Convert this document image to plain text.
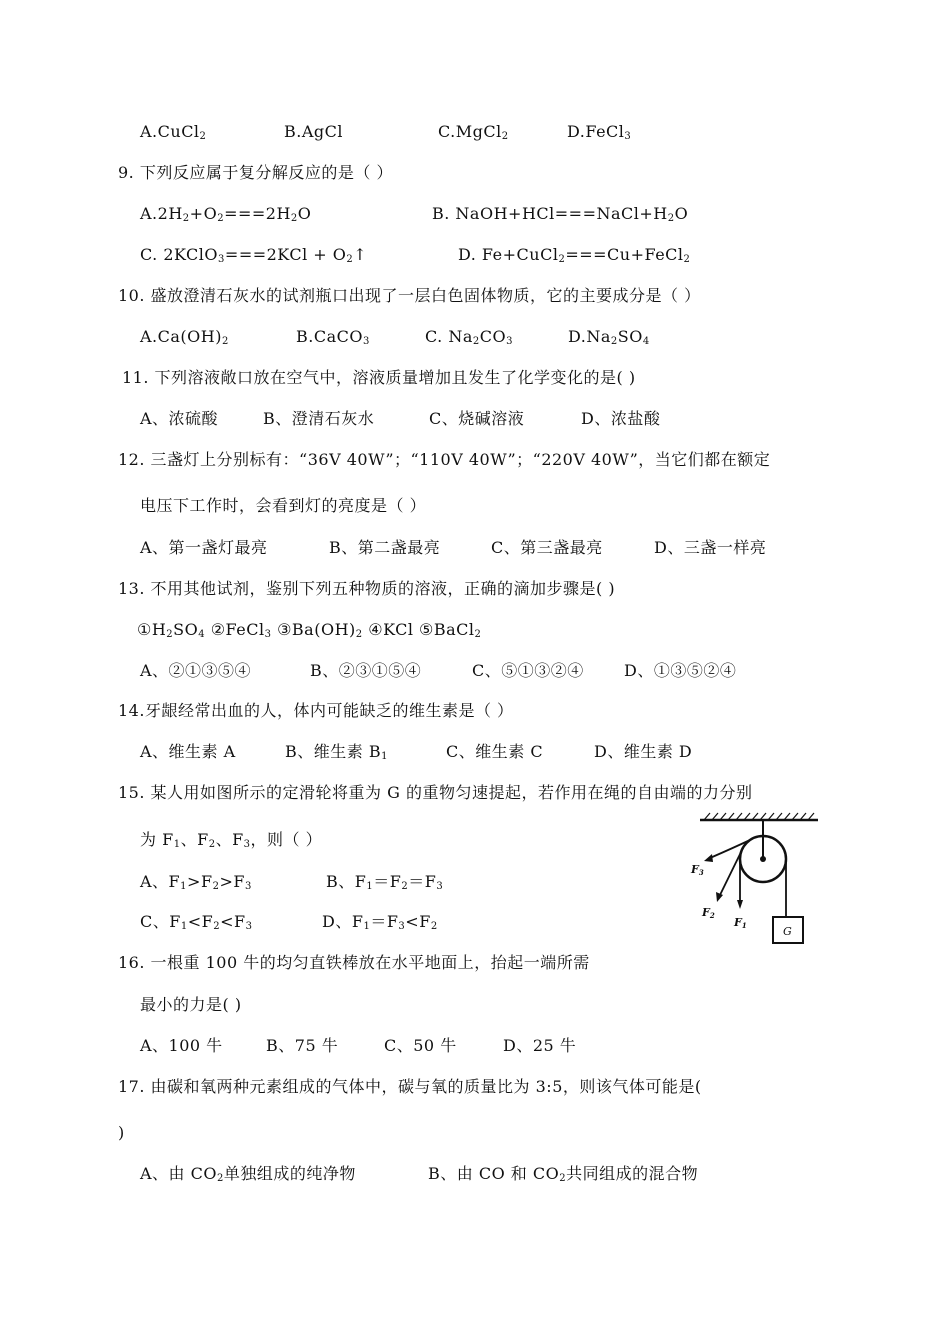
A.CuCl$_2$	B.AgCl	C.MgCl$_2$	D.FeCl$_3$
9. 下列反应属于复分解反应的是（ ）
$A.2H_2+O_2===2H_2O$	B. $NaOH+HCl===NaCl+H_2O$
C. 2KClO$_3$===2KCl + $O_2↑$	D. Fe+CuCl$_2$===Cu+FeCl$_2$
10. 盛放澄清石灰水的试剂瓶口出现了一层白色固体物质，它的主要成分是（ ）
$A.Ca(OH)_2$	B.CaCO$_3$	C. $Na_2CO_3$	$D.Na_2SO_4$
11. 下列溶液敞口放在空气中，溶液质量增加且发生了化学变化的是( )
A、浓硫酸	B、澄清石灰水	C、烧碱溶液	D、浓盐酸
12. 三盏灯上分别标有：“36V 40W”；“110V 40W”；“220V 40W”，当它们都在额定
电压下工作时，会看到灯的亮度是（ ）
A、第一盏灯最亮	B、第二盏最亮	C、第三盏最亮	D、三盏一样亮
13. 不用其他试剂，鉴别下列五种物质的溶液，正确的滴加步骤是( )
$①H_2SO_4$ ②FeCl$_3$ $③Ba(OH)_2$ ④KCl ⑤BaCl$_2$
A、②①③⑤④	B、②③①⑤④	C、⑤①③②④	D、①③⑤②④
14.牙龈经常出血的人，体内可能缺乏的维生素是（ ）
A、维生素 A	B、维生素 $B_1$	C、维生素 C	D、维生素 D
15. 某人用如图所示的定滑轮将重为 G 的重物匀速提起，若作用在绳的自由端的力分别
为 $F_1$、$F_2$、$F_3$，则（ ）
A、$F_1>F_2>F_3$	B、$F_1=F_2=F_3$
C、$F_1<F_2<F_3$	D、$F_1=F_3<F_2$	G
F3
F2
F1
16. 一根重 100 牛的均匀直铁棒放在水平地面上，抬起一端所需
最小的力是( )
A、100 牛	B、75 牛	C、50 牛	D、25 牛
17. 由碳和氧两种元素组成的气体中，碳与氧的质量比为 3:5，则该气体可能是(
)
A、由 $CO_2$单独组成的纯净物	B、由 CO 和 $CO_2$共同组成的混合物
